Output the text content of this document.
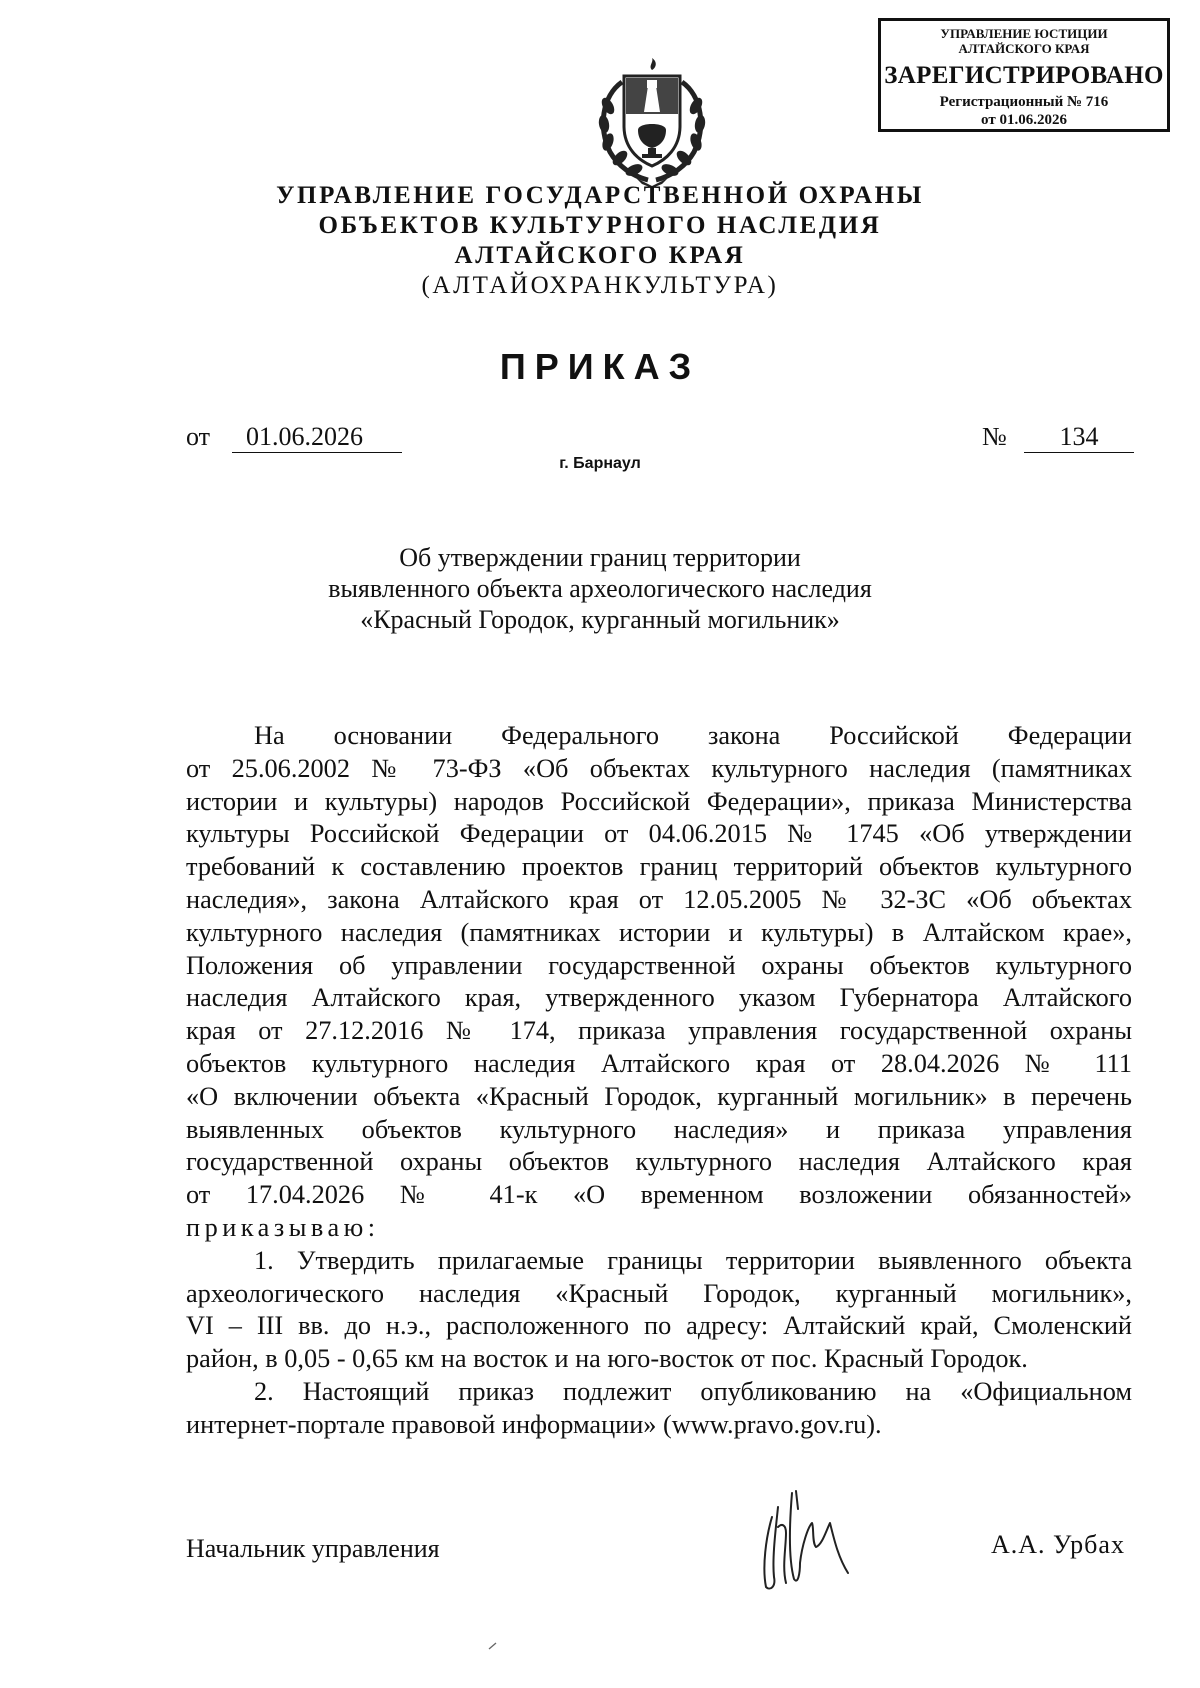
УПРАВЛЕНИЕ ЮСТИЦИИ
АЛТАЙСКОГО КРАЯ
ЗАРЕГИСТРИРОВАНО
Регистрационный № 716
от 01.06.2026
УПРАВЛЕНИЕ ГОСУДАРСТВЕННОЙ ОХРАНЫ
ОБЪЕКТОВ КУЛЬТУРНОГО НАСЛЕДИЯ
АЛТАЙСКОГО КРАЯ
(АЛТАЙОХРАНКУЛЬТУРА)
ПРИКАЗ
от	01.06.2026	№	134
г. Барнаул
Об утверждении границ территории
выявленного объекта археологического наследия
«Красный Городок, курганный могильник»

На основании Федерального закона Российской Федерации

от 25.06.2002 № 73-ФЗ «Об объектах культурного наследия (памятниках

истории и культуры) народов Российской Федерации», приказа Министерства

культуры Российской Федерации от 04.06.2015 № 1745 «Об утверждении

требований к составлению проектов границ территорий объектов культурного

наследия», закона Алтайского края от 12.05.2005 № 32-ЗС «Об объектах

культурного наследия (памятниках истории и культуры) в Алтайском крае»,

Положения об управлении государственной охраны объектов культурного

наследия Алтайского края, утвержденного указом Губернатора Алтайского

края от 27.12.2016 № 174, приказа управления государственной охраны

объектов культурного наследия Алтайского края от 28.04.2026 № 111

«О включении объекта «Красный Городок, курганный могильник» в перечень

выявленных объектов культурного наследия» и приказа управления

государственной охраны объектов культурного наследия Алтайского края

от 17.04.2026 № 41-к «О временном возложении обязанностей»

приказываю:

1. Утвердить прилагаемые границы территории выявленного объекта

археологического наследия «Красный Городок, курганный могильник»,

VI – III вв. до н.э., расположенного по адресу: Алтайский край, Смоленский

район, в 0,05 - 0,65 км на восток и на юго-восток от пос. Красный Городок.

2. Настоящий приказ подлежит опубликованию на «Официальном

интернет-портале правовой информации» (www.pravo.gov.ru).

Начальник управления	А.А. Урбах
